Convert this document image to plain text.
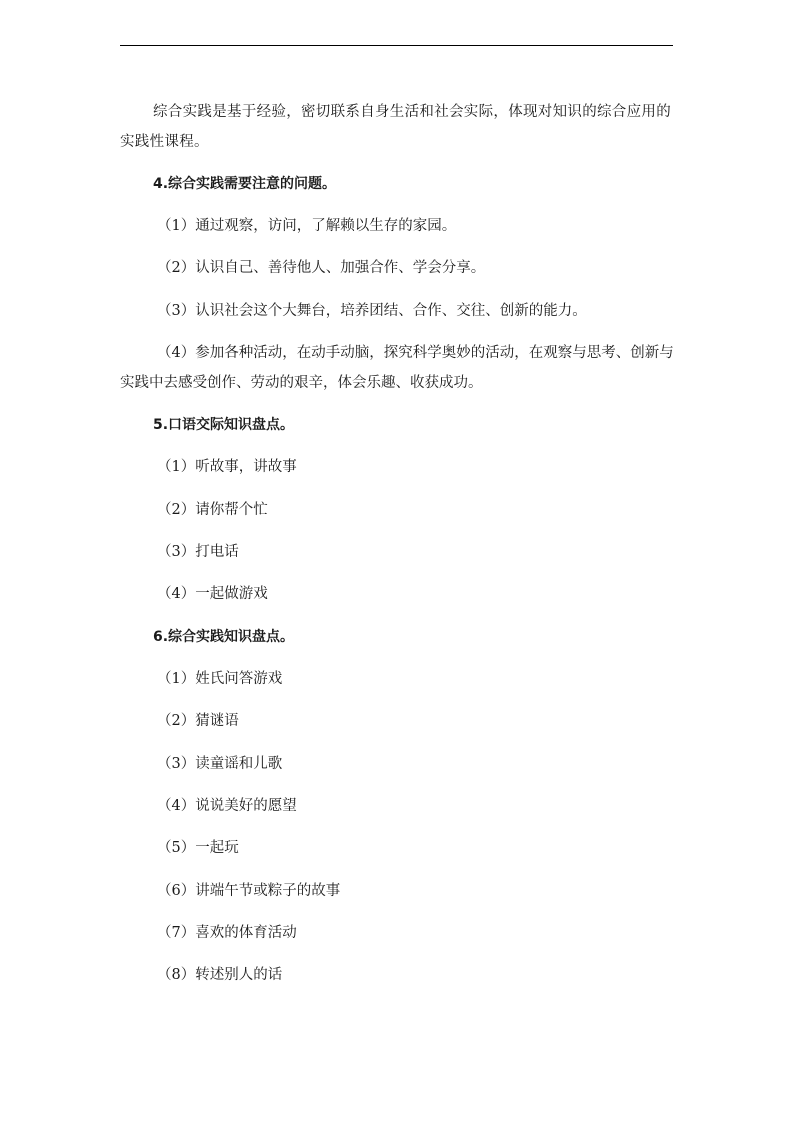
综合实践是基于经验，密切联系自身生活和社会实际，体现对知识的综合应用的实践性课程。

4.综合实践需要注意的问题。
（1）通过观察，访问，了解赖以生存的家园。
（2）认识自己、善待他人、加强合作、学会分享。
（3）认识社会这个大舞台，培养团结、合作、交往、创新的能力。

（4）参加各种活动，在动手动脑，探究科学奥妙的活动，在观察与思考、创新与实践中去感受创作、劳动的艰辛，体会乐趣、收获成功。

5.口语交际知识盘点。
（1）听故事，讲故事
（2）请你帮个忙
（3）打电话
（4）一起做游戏
6.综合实践知识盘点。
（1）姓氏问答游戏
（2）猜谜语
（3）读童谣和儿歌
（4）说说美好的愿望
（5）一起玩
（6）讲端午节或粽子的故事
（7）喜欢的体育活动
（8）转述别人的话
